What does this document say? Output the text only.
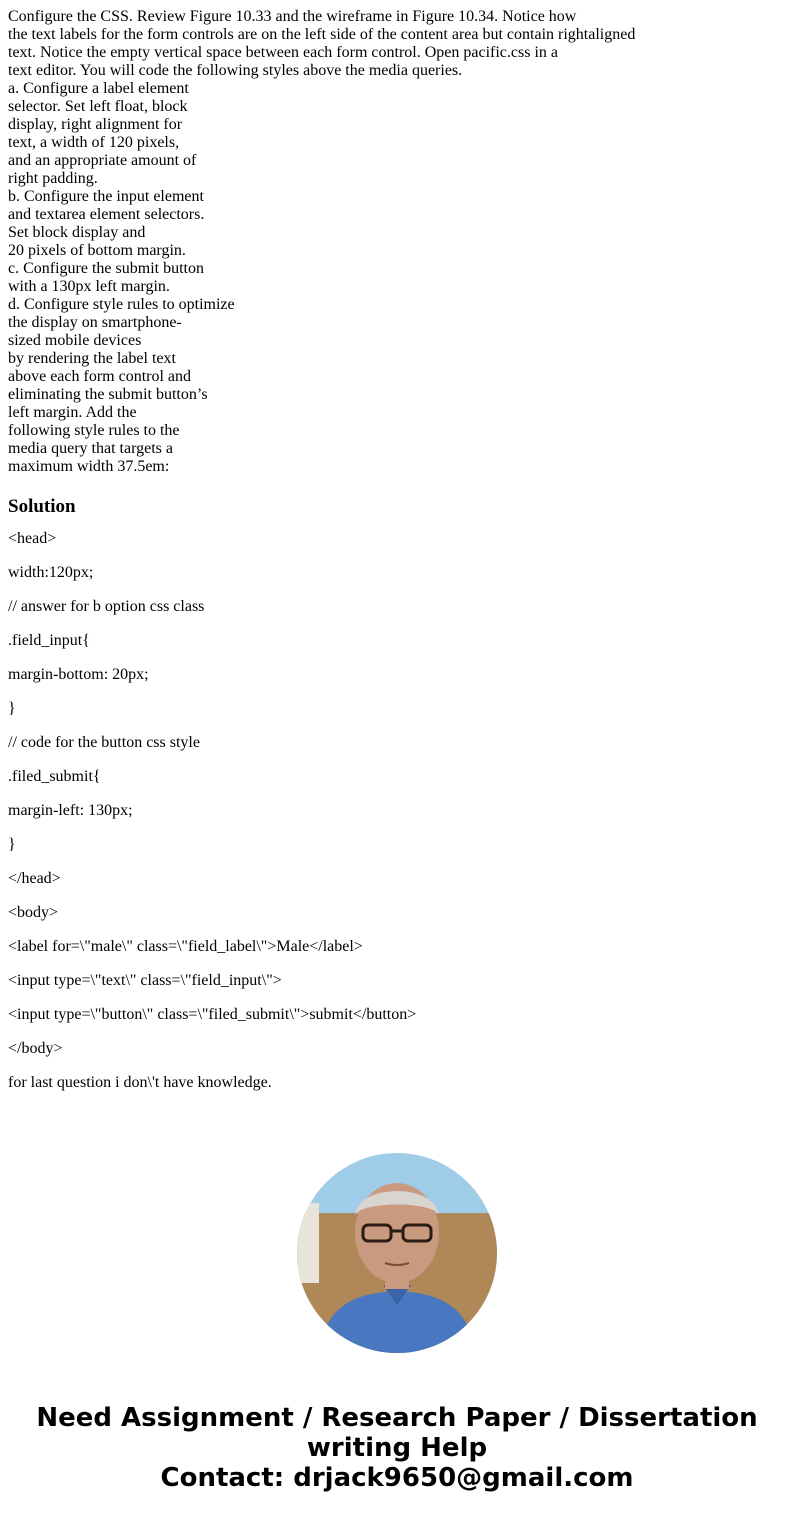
Configure the CSS. Review Figure 10.33 and the wireframe in Figure 10.34. Notice how
the text labels for the form controls are on the left side of the content area but contain rightaligned
text. Notice the empty vertical space between each form control. Open pacific.css in a
text editor. You will code the following styles above the media queries.
a. Configure a label element
selector. Set left float, block
display, right alignment for
text, a width of 120 pixels,
and an appropriate amount of
right padding.
b. Configure the input element
and textarea element selectors.
Set block display and
20 pixels of bottom margin.
c. Configure the submit button
with a 130px left margin.
d. Configure style rules to optimize
the display on smartphone-
sized mobile devices
by rendering the label text
above each form control and
eliminating the submit button’s
left margin. Add the
following style rules to the
media query that targets a
maximum width 37.5em:
Solution

<head>

width:120px;

// answer for b option css class

.field_input{

margin-bottom: 20px;

}

// code for the button css style

.filed_submit{

margin-left: 130px;

}

</head>

<body>

<label for=\"male\" class=\"field_label\">Male</label>

<input type=\"text\" class=\"field_input\">

<input type=\"button\" class=\"filed_submit\">submit</button>

</body>

for last question i don\'t have knowledge.

Need Assignment / Research Paper / Dissertation
writing Help
Contact: drjack9650@gmail.com
